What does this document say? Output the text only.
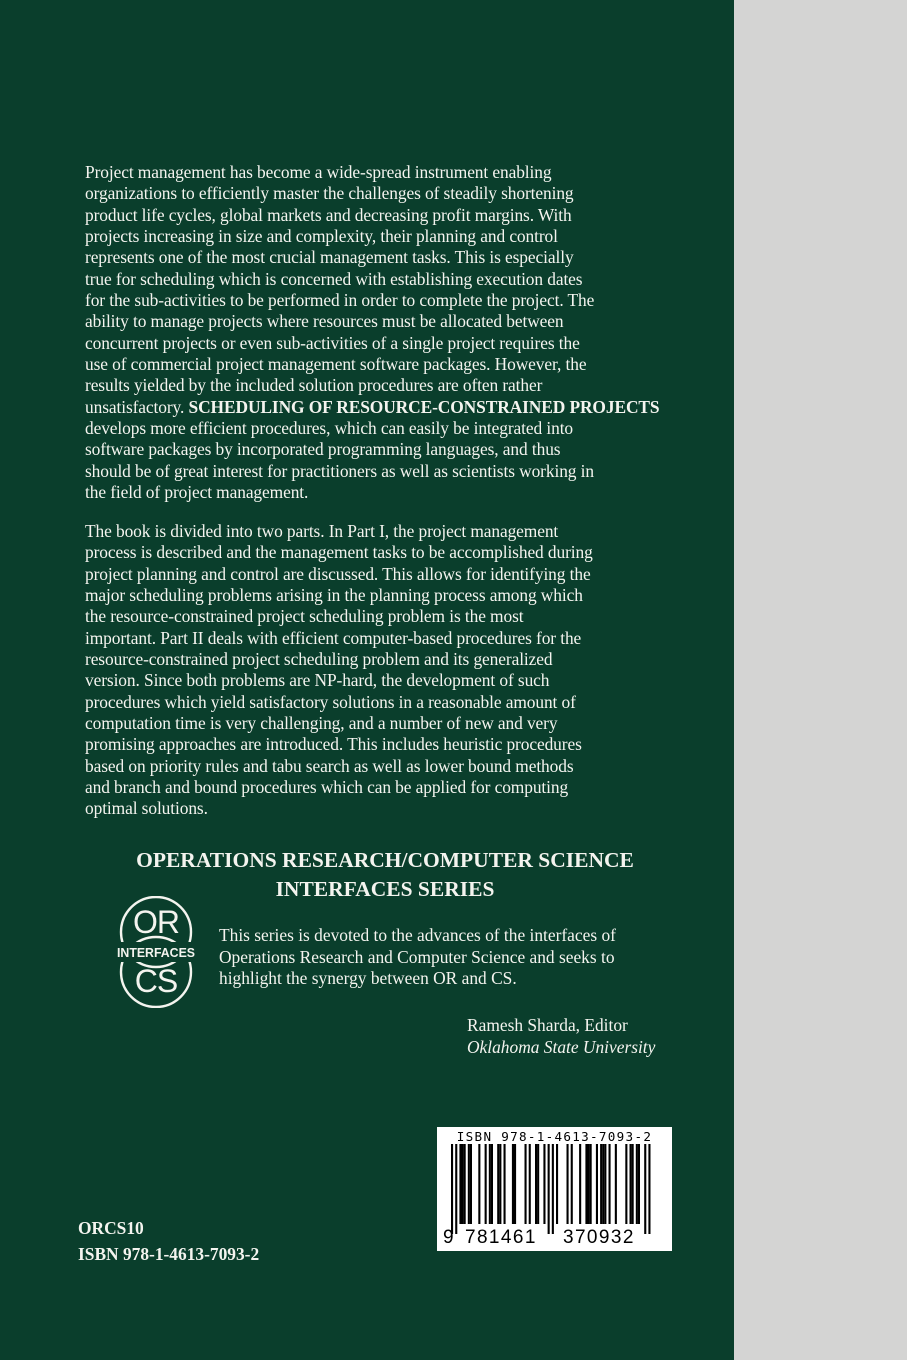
Project management has become a wide-spread instrument enabling
organizations to efficiently master the challenges of steadily shortening
product life cycles, global markets and decreasing profit margins. With
projects increasing in size and complexity, their planning and control
represents one of the most crucial management tasks. This is especially
true for scheduling which is concerned with establishing execution dates
for the sub-activities to be performed in order to complete the project. The
ability to manage projects where resources must be allocated between
concurrent projects or even sub-activities of a single project requires the
use of commercial project management software packages. However, the
results yielded by the included solution procedures are often rather
unsatisfactory. SCHEDULING OF RESOURCE-CONSTRAINED PROJECTS
develops more efficient procedures, which can easily be integrated into
software packages by incorporated programming languages, and thus
should be of great interest for practitioners as well as scientists working in
the field of project management.

The book is divided into two parts. In Part I, the project management
process is described and the management tasks to be accomplished during
project planning and control are discussed. This allows for identifying the
major scheduling problems arising in the planning process among which
the resource-constrained project scheduling problem is the most
important. Part II deals with efficient computer-based procedures for the
resource-constrained project scheduling problem and its generalized
version. Since both problems are NP-hard, the development of such
procedures which yield satisfactory solutions in a reasonable amount of
computation time is very challenging, and a number of new and very
promising approaches are introduced. This includes heuristic procedures
based on priority rules and tabu search as well as lower bound methods
and branch and bound procedures which can be applied for computing
optimal solutions.

OPERATIONS RESEARCH/COMPUTER SCIENCE
INTERFACES SERIES
OR
INTERFACES
CS
This series is devoted to the advances of the interfaces of
Operations Research and Computer Science and seeks to
highlight the synergy between OR and CS.
Ramesh Sharda, Editor
Oklahoma State University
ISBN 978-1-4613-7093-2
9 781461 370932
ORCS10
ISBN 978-1-4613-7093-2
